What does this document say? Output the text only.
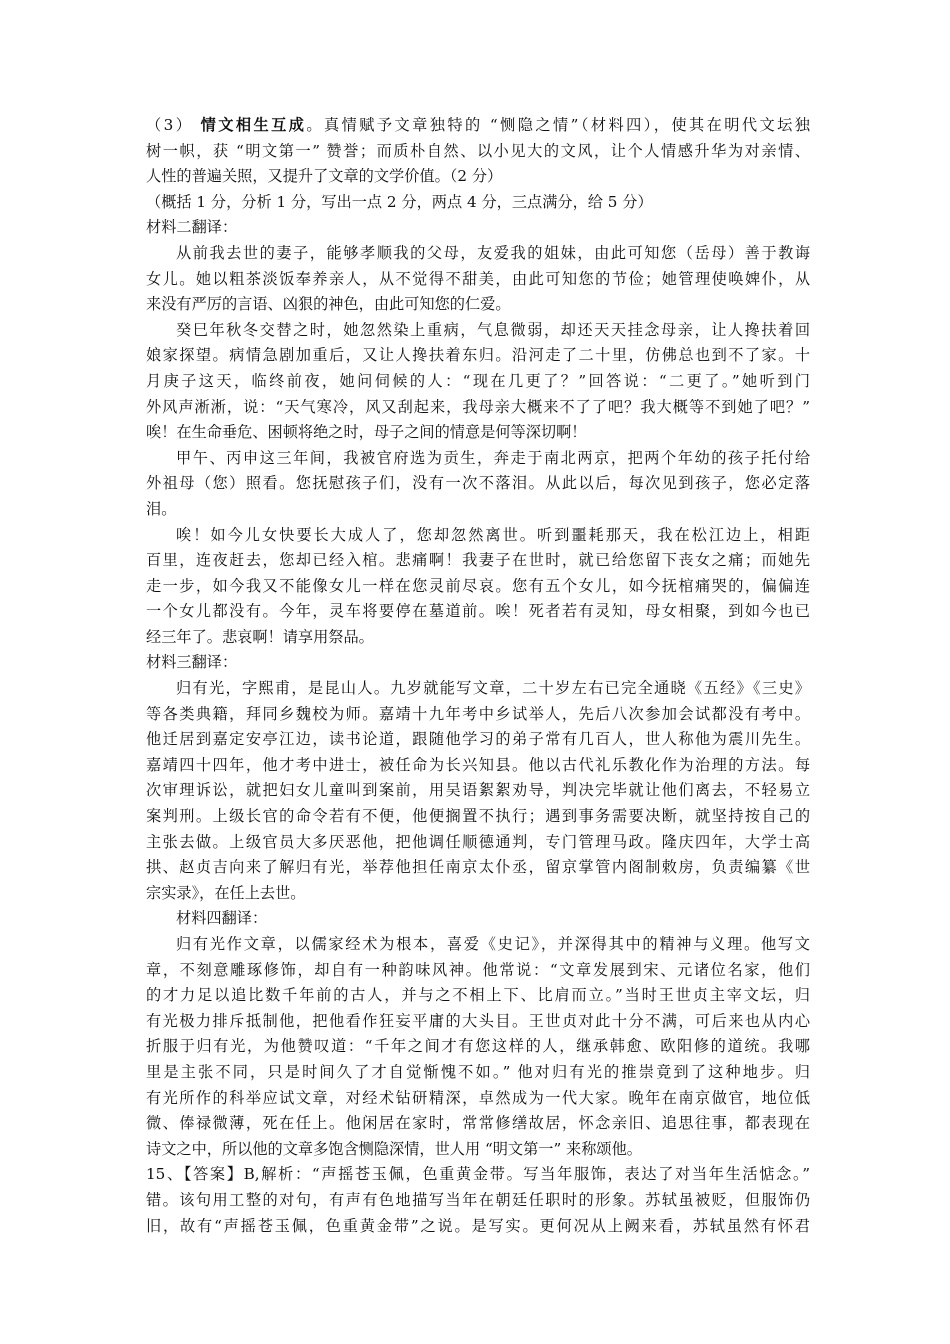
（3） 情文相生互成。真情赋予文章独特的 “恻隐之情”（材料四），使其在明代文坛独
树一帜，获 “明文第一” 赞誉；而质朴自然、以小见大的文风，让个人情感升华为对亲情、
人性的普遍关照，又提升了文章的文学价值。（2 分）
（概括 1 分，分析 1 分，写出一点 2 分，两点 4 分，三点满分，给 5 分）
材料二翻译：
从前我去世的妻子，能够孝顺我的父母，友爱我的姐妹，由此可知您（岳母）善于教诲
女儿。她以粗茶淡饭奉养亲人，从不觉得不甜美，由此可知您的节俭；她管理使唤婢仆，从
来没有严厉的言语、凶狠的神色，由此可知您的仁爱。
癸巳年秋冬交替之时，她忽然染上重病，气息微弱，却还天天挂念母亲，让人搀扶着回
娘家探望。病情急剧加重后，又让人搀扶着东归。沿河走了二十里，仿佛总也到不了家。十
月庚子这天，临终前夜，她问伺候的人：“现在几更了？”回答说：“二更了。”她听到门
外风声淅淅，说：“天气寒冷，风又刮起来，我母亲大概来不了了吧？我大概等不到她了吧？”
唉！在生命垂危、困顿将绝之时，母子之间的情意是何等深切啊！
甲午、丙申这三年间，我被官府选为贡生，奔走于南北两京，把两个年幼的孩子托付给
外祖母（您）照看。您抚慰孩子们，没有一次不落泪。从此以后，每次见到孩子，您必定落
泪。
唉！如今儿女快要长大成人了，您却忽然离世。听到噩耗那天，我在松江边上，相距
百里，连夜赶去，您却已经入棺。悲痛啊！我妻子在世时，就已给您留下丧女之痛；而她先
走一步，如今我又不能像女儿一样在您灵前尽哀。您有五个女儿，如今抚棺痛哭的，偏偏连
一个女儿都没有。今年，灵车将要停在墓道前。唉！死者若有灵知，母女相聚，到如今也已
经三年了。悲哀啊！请享用祭品。
材料三翻译：
归有光，字熙甫，是昆山人。九岁就能写文章，二十岁左右已完全通晓《五经》《三史》
等各类典籍，拜同乡魏校为师。嘉靖十九年考中乡试举人，先后八次参加会试都没有考中。
他迁居到嘉定安亭江边，读书论道，跟随他学习的弟子常有几百人，世人称他为震川先生。
嘉靖四十四年，他才考中进士，被任命为长兴知县。他以古代礼乐教化作为治理的方法。每
次审理诉讼，就把妇女儿童叫到案前，用吴语絮絮劝导，判决完毕就让他们离去，不轻易立
案判刑。上级长官的命令若有不便，他便搁置不执行；遇到事务需要决断，就坚持按自己的
主张去做。上级官员大多厌恶他，把他调任顺德通判，专门管理马政。隆庆四年，大学士高
拱、赵贞吉向来了解归有光，举荐他担任南京太仆丞，留京掌管内阁制敕房，负责编纂《世
宗实录》，在任上去世。
材料四翻译：
归有光作文章，以儒家经术为根本，喜爱《史记》，并深得其中的精神与义理。他写文
章，不刻意雕琢修饰，却自有一种韵味风神。他常说：“文章发展到宋、元诸位名家，他们
的才力足以追比数千年前的古人，并与之不相上下、比肩而立。”当时王世贞主宰文坛，归
有光极力排斥抵制他，把他看作狂妄平庸的大头目。王世贞对此十分不满，可后来也从内心
折服于归有光，为他赞叹道：“千年之间才有您这样的人，继承韩愈、欧阳修的道统。我哪
里是主张不同，只是时间久了才自觉惭愧不如。” 他对归有光的推崇竟到了这种地步。归
有光所作的科举应试文章，对经术钻研精深，卓然成为一代大家。晚年在南京做官，地位低
微、俸禄微薄，死在任上。他闲居在家时，常常修缮故居，怀念亲旧、追思往事，都表现在
诗文之中，所以他的文章多饱含恻隐深情，世人用 “明文第一” 来称颂他。
15、【答案】B,解析：“声摇苍玉佩，色重黄金带。写当年服饰，表达了对当年生活惦念。”
错。该句用工整的对句，有声有色地描写当年在朝廷任职时的形象。苏轼虽被贬，但服饰仍
旧，故有“声摇苍玉佩，色重黄金带”之说。是写实。更何况从上阙来看，苏轼虽然有怀君
